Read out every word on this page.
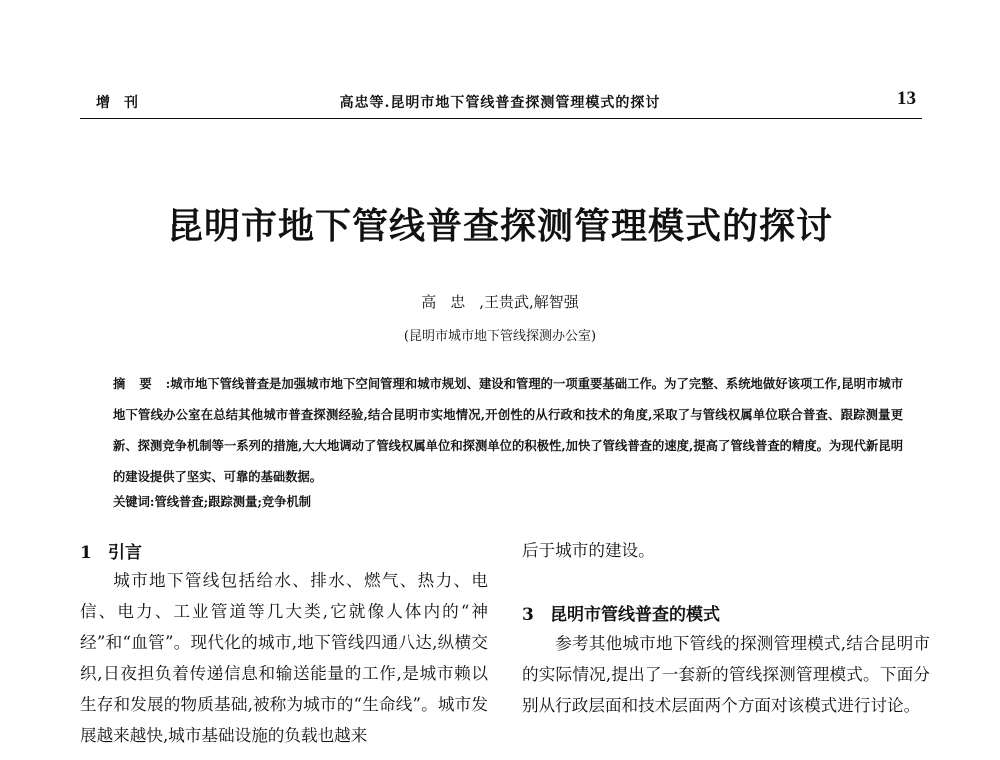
增刊	高忠等.昆明市地下管线普查探测管理模式的探讨	13
昆明市地下管线普查探测管理模式的探讨
高忠,王贵武,解智强
(昆明市城市地下管线探测办公室)
摘要:城市地下管线普查是加强城市地下空间管理和城市规划、建设和管理的一项重要基础工作。为了完整、系统地做好该项工作,昆明市城市地下管线办公室在总结其他城市普查探测经验,结合昆明市实地情况,开创性的从行政和技术的角度,采取了与管线权属单位联合普查、跟踪测量更新、探测竞争机制等一系列的措施,大大地调动了管线权属单位和探测单位的积极性,加快了管线普查的速度,提高了管线普查的精度。为现代新昆明的建设提供了坚实、可靠的基础数据。
关键词:管线普查;跟踪测量;竞争机制
1 引言
城市地下管线包括给水、排水、燃气、热力、电信、电力、工业管道等几大类,它就像人体内的“神经”和“血管”。现代化的城市,地下管线四通八达,纵横交织,日夜担负着传递信息和输送能量的工作,是城市赖以生存和发展的物质基础,被称为城市的“生命线”。城市发展越来越快,城市基础设施的负载也越来
后于城市的建设。
参考其他城市地下管线的探测管理模式,结合昆明市的实际情况,提出了一套新的管线探测管理模式。下面分别从行政层面和技术层面两个方面对该模式进行讨论。
3 昆明市管线普查的模式
